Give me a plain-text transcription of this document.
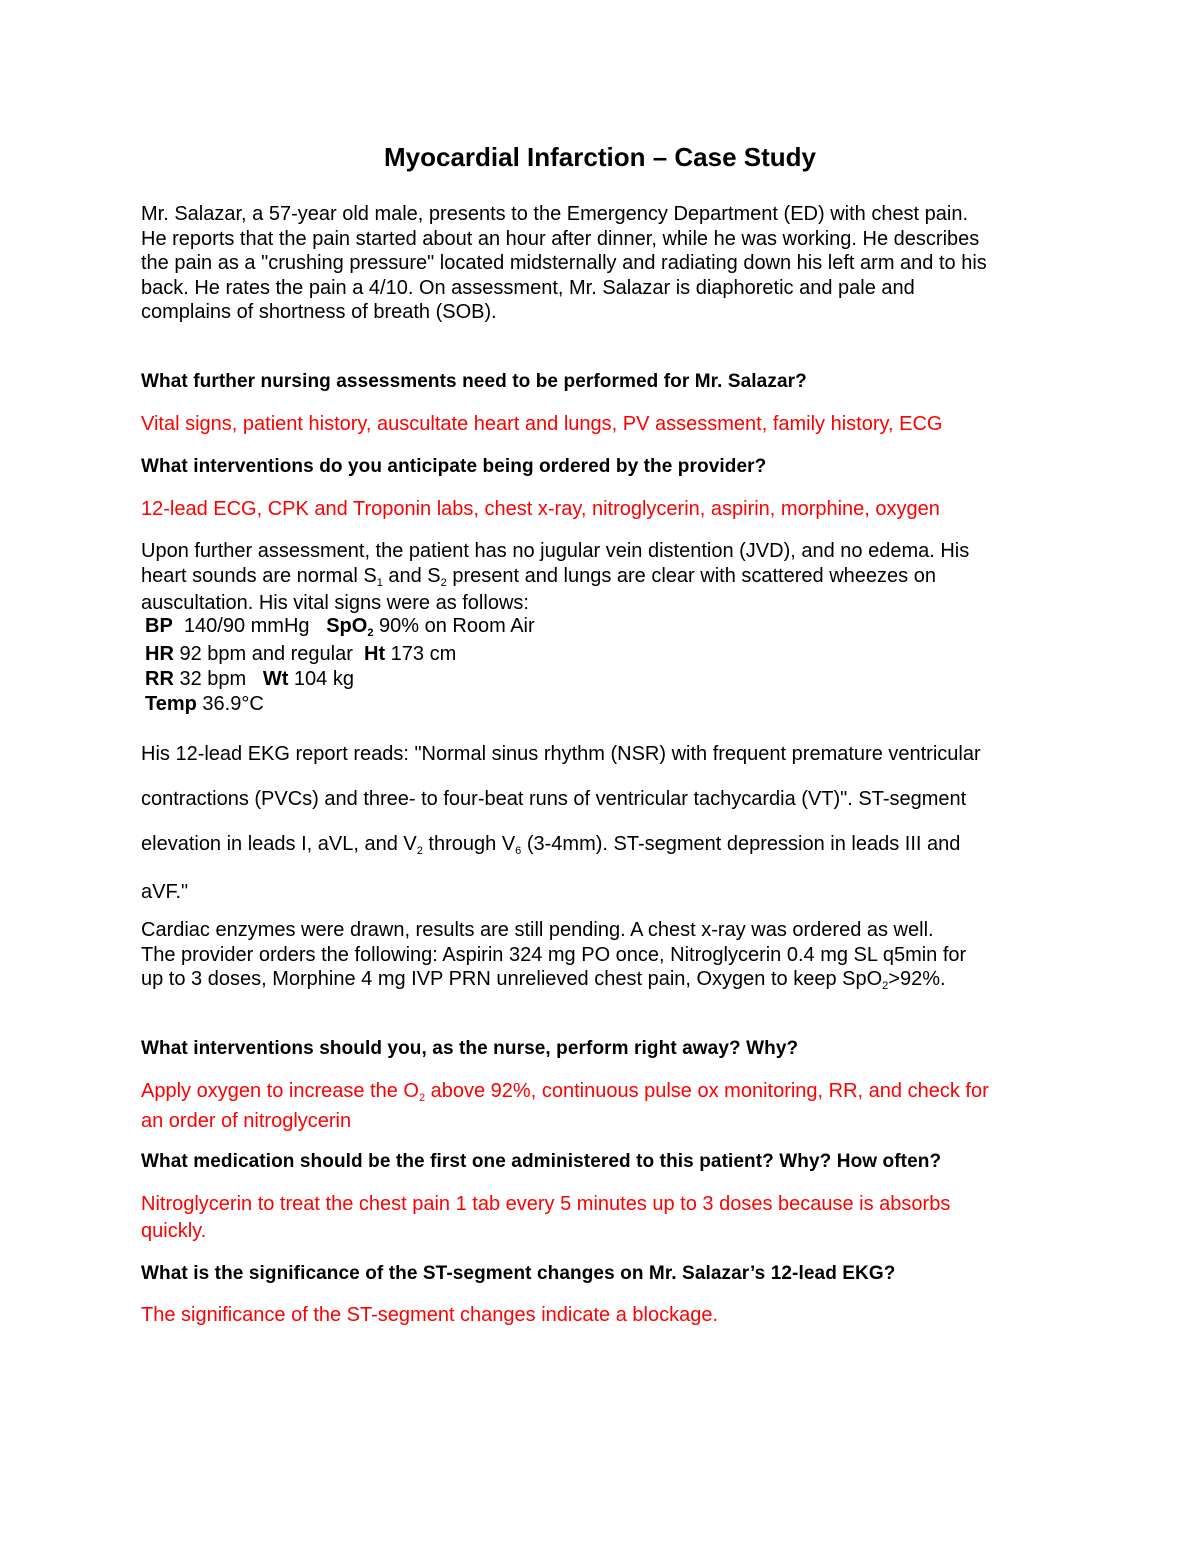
Myocardial Infarction – Case Study
Mr. Salazar, a 57-year old male, presents to the Emergency Department (ED) with chest pain.
He reports that the pain started about an hour after dinner, while he was working. He describes
the pain as a "crushing pressure" located midsternally and radiating down his left arm and to his
back. He rates the pain a 4/10. On assessment, Mr. Salazar is diaphoretic and pale and
complains of shortness of breath (SOB).
What further nursing assessments need to be performed for Mr. Salazar?
Vital signs, patient history, auscultate heart and lungs, PV assessment, family history, ECG
What interventions do you anticipate being ordered by the provider?
12-lead ECG, CPK and Troponin labs, chest x-ray, nitroglycerin, aspirin, morphine, oxygen
Upon further assessment, the patient has no jugular vein distention (JVD), and no edema. His
heart sounds are normal $S_1$ and $S_2$ present and lungs are clear with scattered wheezes on
auscultation. His vital signs were as follows:
BP  140/90 mmHg   SpO$_2$ 90% on Room Air
HR 92 bpm and regular  Ht 173 cm
RR 32 bpm   Wt 104 kg
Temp 36.9°C
His 12-lead EKG report reads: "Normal sinus rhythm (NSR) with frequent premature ventricular
contractions (PVCs) and three- to four-beat runs of ventricular tachycardia (VT)". ST-segment
elevation in leads I, aVL, and $V_2$ through $V_6$ (3-4mm). ST-segment depression in leads III and
aVF."
Cardiac enzymes were drawn, results are still pending. A chest x-ray was ordered as well.
The provider orders the following: Aspirin 324 mg PO once, Nitroglycerin 0.4 mg SL q5min for
up to 3 doses, Morphine 4 mg IVP PRN unrelieved chest pain, Oxygen to keep SpO$_2$>92%.
What interventions should you, as the nurse, perform right away? Why?
Apply oxygen to increase the $O_2$ above 92%, continuous pulse ox monitoring, RR, and check for
an order of nitroglycerin
What medication should be the first one administered to this patient? Why? How often?
Nitroglycerin to treat the chest pain 1 tab every 5 minutes up to 3 doses because is absorbs
quickly.
What is the significance of the ST-segment changes on Mr. Salazar’s 12-lead EKG?
The significance of the ST-segment changes indicate a blockage.
